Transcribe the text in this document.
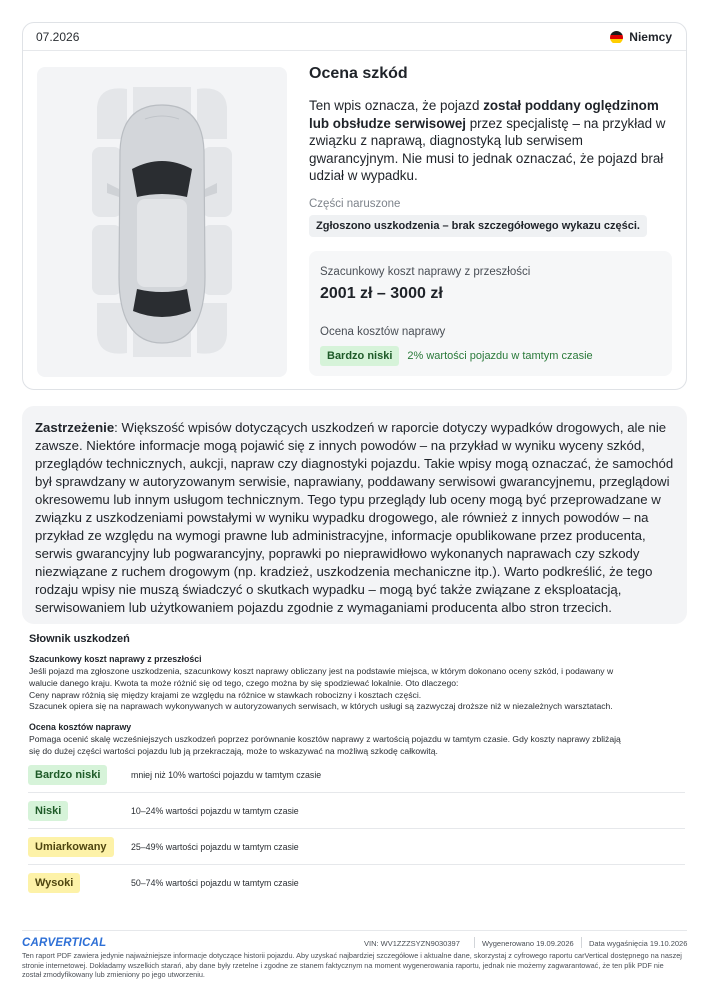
07.2026	Niemcy
Ocena szkód
Ten wpis oznacza, że pojazd został poddany oględzinom lub obsłudze serwisowej przez specjalistę – na przykład w związku z naprawą, diagnostyką lub serwisem gwarancyjnym. Nie musi to jednak oznaczać, że pojazd brał udział w wypadku.
Części naruszone
Zgłoszono uszkodzenia – brak szczegółowego wykazu części.
Szacunkowy koszt naprawy z przeszłości
2001 zł – 3000 zł
Ocena kosztów naprawy
Bardzo niski	2% wartości pojazdu w tamtym czasie
Zastrzeżenie: Większość wpisów dotyczących uszkodzeń w raporcie dotyczy wypadków drogowych, ale nie zawsze. Niektóre informacje mogą pojawić się z innych powodów – na przykład w wyniku wyceny szkód, przeglądów technicznych, aukcji, napraw czy diagnostyki pojazdu. Takie wpisy mogą oznaczać, że samochód był sprawdzany w autoryzowanym serwisie, naprawiany, poddawany serwisowi gwarancyjnemu, przeglądowi okresowemu lub innym usługom technicznym. Tego typu przeglądy lub oceny mogą być przeprowadzane w związku z uszkodzeniami powstałymi w wyniku wypadku drogowego, ale również z innych powodów – na przykład ze względu na wymogi prawne lub administracyjne, informacje opublikowane przez producenta, serwis gwarancyjny lub pogwarancyjny, poprawki po nieprawidłowo wykonanych naprawach czy szkody niezwiązane z ruchem drogowym (np. kradzież, uszkodzenia mechaniczne itp.). Warto podkreślić, że tego rodzaju wpisy nie muszą świadczyć o skutkach wypadku – mogą być także związane z eksploatacją, serwisowaniem lub użytkowaniem pojazdu zgodnie z wymaganiami producenta albo stron trzecich.
Słownik uszkodzeń
Szacunkowy koszt naprawy z przeszłości
Jeśli pojazd ma zgłoszone uszkodzenia, szacunkowy koszt naprawy obliczany jest na podstawie miejsca, w którym dokonano oceny szkód, i podawany w
walucie danego kraju. Kwota ta może różnić się od tego, czego można by się spodziewać lokalnie. Oto dlaczego:
Ceny napraw różnią się między krajami ze względu na różnice w stawkach robocizny i kosztach części.
Szacunek opiera się na naprawach wykonywanych w autoryzowanych serwisach, w których usługi są zazwyczaj droższe niż w niezależnych warsztatach.
Ocena kosztów naprawy
Pomaga ocenić skalę wcześniejszych uszkodzeń poprzez porównanie kosztów naprawy z wartością pojazdu w tamtym czasie. Gdy koszty naprawy zbliżają
się do dużej części wartości pojazdu lub ją przekraczają, może to wskazywać na możliwą szkodę całkowitą.
Bardzo niski	mniej niż 10% wartości pojazdu w tamtym czasie
Niski	10–24% wartości pojazdu w tamtym czasie
Umiarkowany	25–49% wartości pojazdu w tamtym czasie
Wysoki	50–74% wartości pojazdu w tamtym czasie
CARVERTICAL	VIN: WV1ZZZSYZN9030397	Wygenerowano 19.09.2026 Data wygaśnięcia 19.10.2026
Ten raport PDF zawiera jedynie najważniejsze informacje dotyczące historii pojazdu. Aby uzyskać najbardziej szczegółowe i aktualne dane, skorzystaj z cyfrowego raportu carVertical dostępnego na naszej stronie internetowej. Dokładamy wszelkich starań, aby dane były rzetelne i zgodne ze stanem faktycznym na moment wygenerowania raportu, jednak nie możemy zagwarantować, że ten plik PDF nie został zmodyfikowany lub zmieniony po jego utworzeniu.
